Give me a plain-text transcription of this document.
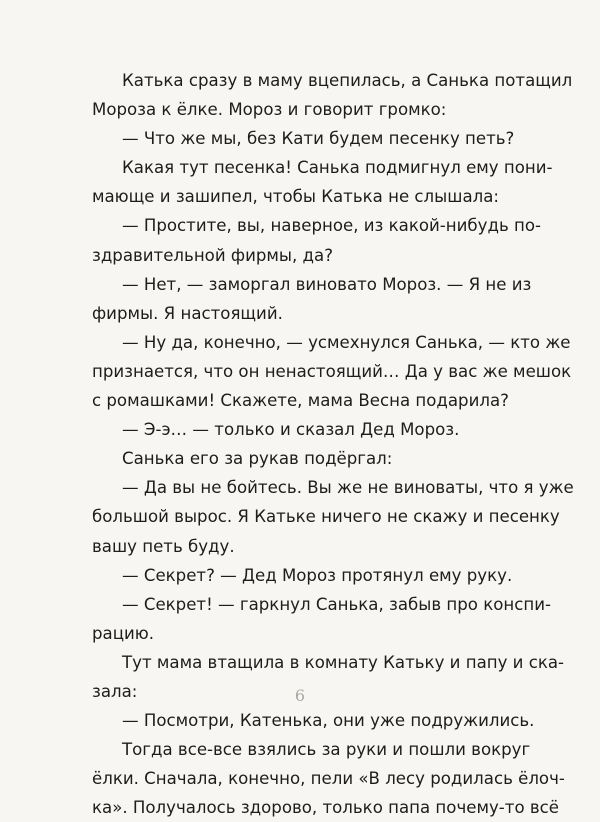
Катька сразу в маму вцепилась, а Санька потащил
Мороза к ёлке. Мороз и говорит громко:
— Что же мы, без Кати будем песенку петь?
Какая тут песенка! Санька подмигнул ему пони-
мающе и зашипел, чтобы Катька не слышала:
— Простите, вы, наверное, из какой-нибудь по-
здравительной фирмы, да?
— Нет, — заморгал виновато Мороз. — Я не из
фирмы. Я настоящий.
— Ну да, конечно, — усмехнулся Санька, — кто же
признается, что он ненастоящий… Да у вас же мешок
с ромашками! Скажете, мама Весна подарила?
— Э-э… — только и сказал Дед Мороз.
Санька его за рукав подёргал:
— Да вы не бойтесь. Вы же не виноваты, что я уже
большой вырос. Я Катьке ничего не скажу и песенку
вашу петь буду.
— Секрет? — Дед Мороз протянул ему руку.
— Секрет! — гаркнул Санька, забыв про конспи-
рацию.
Тут мама втащила в комнату Катьку и папу и ска-
зала:
— Посмотри, Катенька, они уже подружились.
Тогда все-все взялись за руки и пошли вокруг
ёлки. Сначала, конечно, пели «В лесу родилась ёлоч-
ка». Получалось здорово, только папа почему-то всё
6
